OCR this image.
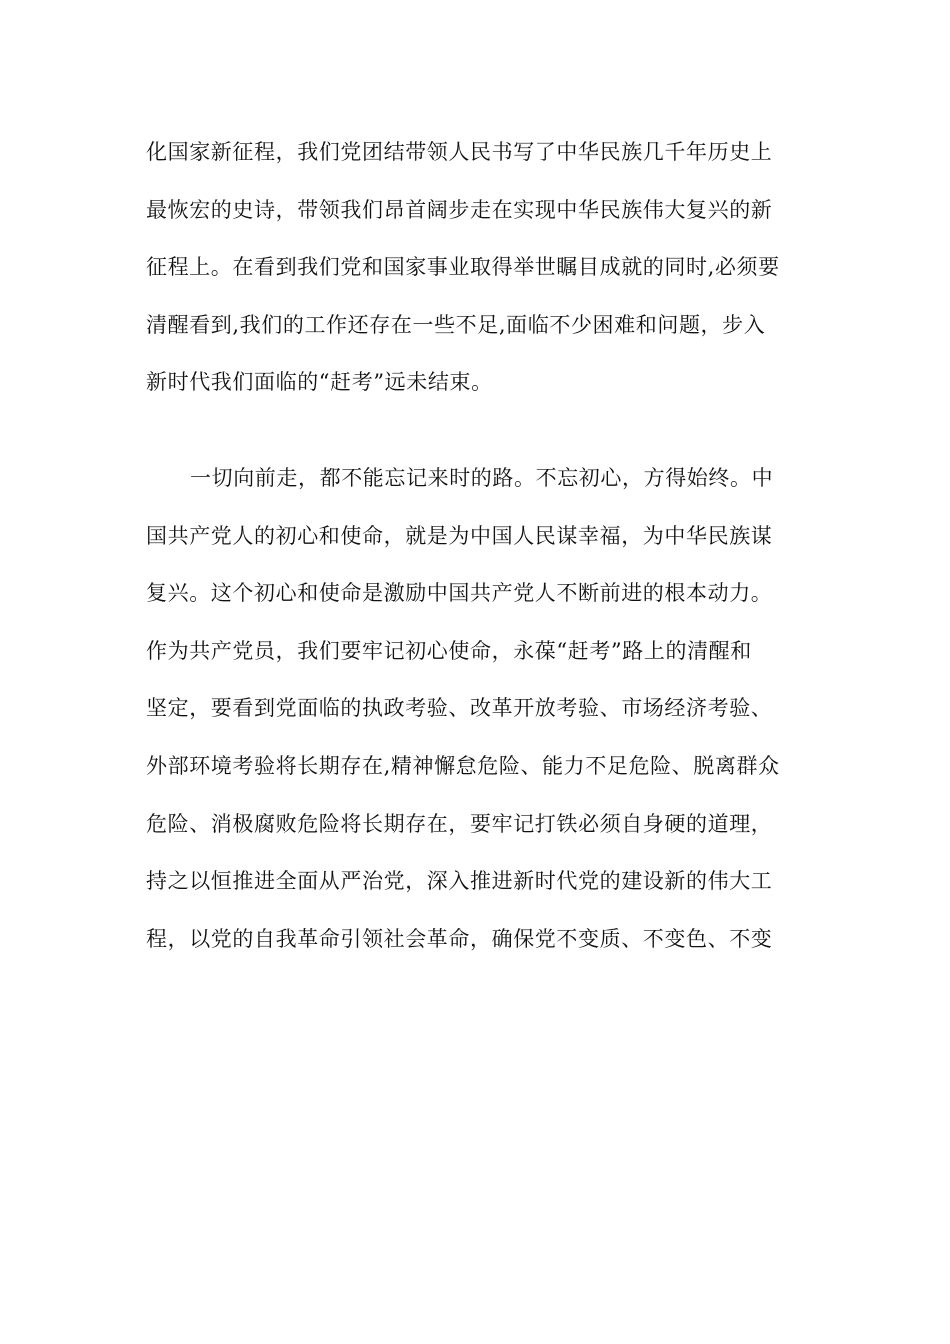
化国家新征程，我们党团结带领人民书写了中华民族几千年历史上
最恢宏的史诗，带领我们昂首阔步走在实现中华民族伟大复兴的新
征程上。在看到我们党和国家事业取得举世瞩目成就的同时,必须要
清醒看到,我们的工作还存在一些不足,面临不少困难和问题，步入
新时代我们面临的“赶考”远未结束。
一切向前走，都不能忘记来时的路。不忘初心，方得始终。中
国共产党人的初心和使命，就是为中国人民谋幸福，为中华民族谋
复兴。这个初心和使命是激励中国共产党人不断前进的根本动力。
作为共产党员，我们要牢记初心使命，永葆“赶考”路上的清醒和
坚定，要看到党面临的执政考验、改革开放考验、市场经济考验、
外部环境考验将长期存在,精神懈怠危险、能力不足危险、脱离群众
危险、消极腐败危险将长期存在，要牢记打铁必须自身硬的道理，
持之以恒推进全面从严治党，深入推进新时代党的建设新的伟大工
程，以党的自我革命引领社会革命，确保党不变质、不变色、不变
